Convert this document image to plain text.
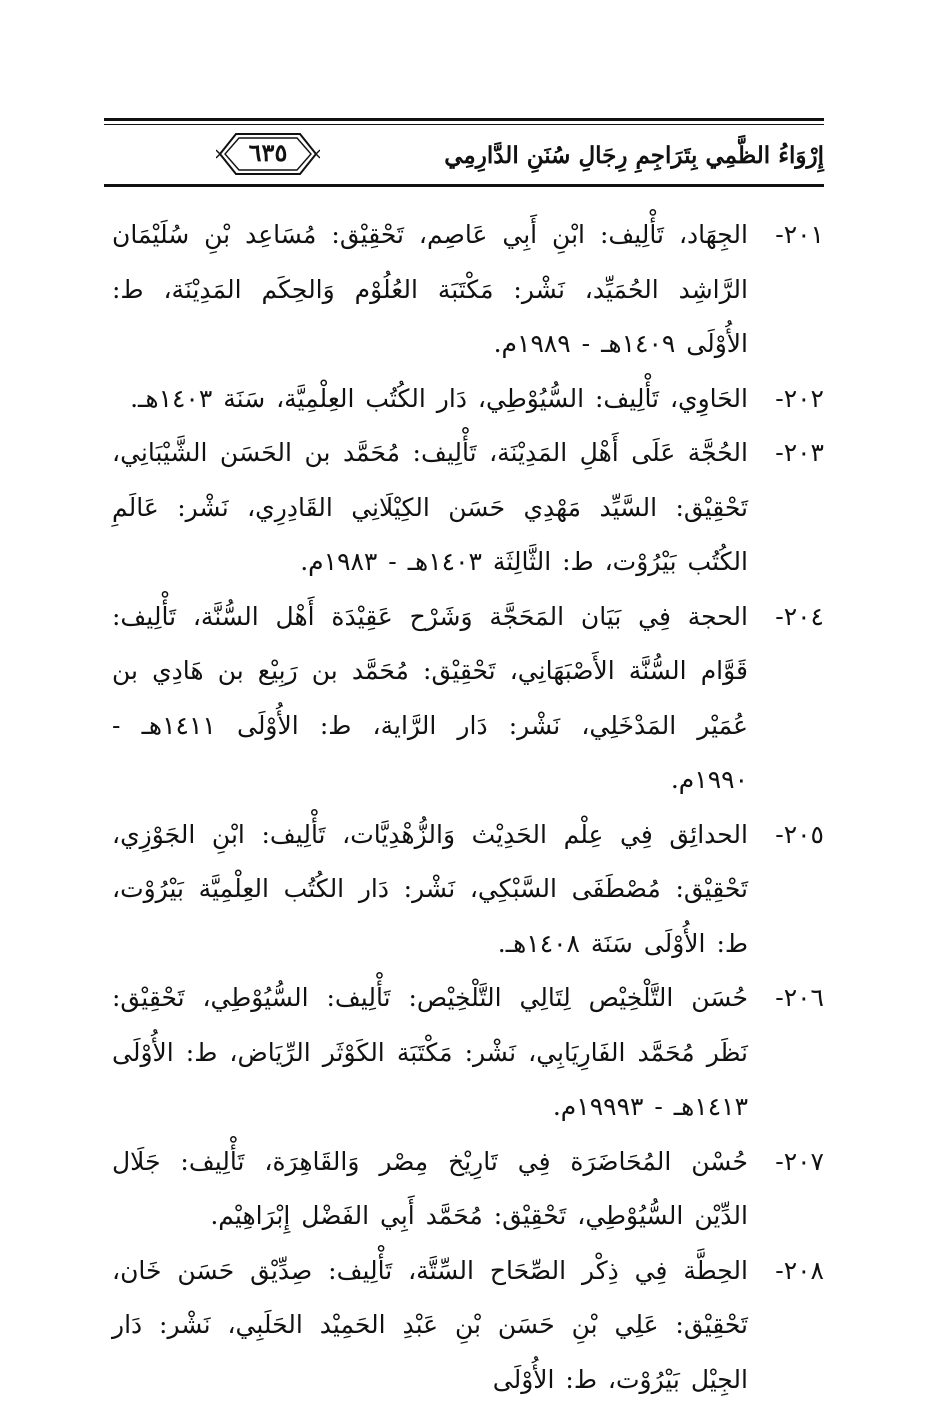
إِرْوَاءُ الظَّمِي بِتَرَاجِمِ رِجَالِ سُنَنِ الدَّارِمِي
٦٣٥
٢٠١-
الجِهَاد، تَأْلِيف: ابْنِ أَبِي عَاصِم، تَحْقِيْق: مُسَاعِد بْنِ سُلَيْمَان الرَّاشِد الحُمَيِّد، نَشْر: مَكْتَبَة العُلُوْم وَالحِكَم المَدِيْنَة، ط: الأُوْلَى ١٤٠٩هـ - ١٩٨٩م.
٢٠٢-
الحَاوِي، تَأْلِيف: السُّيُوْطِي، دَار الكُتُب العِلْمِيَّة، سَنَة ١٤٠٣هـ.
٢٠٣-
الحُجَّة عَلَى أَهْلِ المَدِيْنَة، تَأْلِيف: مُحَمَّد بن الحَسَن الشَّيْبَانِي، تَحْقِيْق: السَّيِّد مَهْدِي حَسَن الكِيْلَانِي القَادِرِي، نَشْر: عَالَمِ الكُتُب بَيْرُوْت، ط: الثَّالِثَة ١٤٠٣هـ - ١٩٨٣م.
٢٠٤-
الحجة فِي بَيَان المَحَجَّة وَشَرْح عَقِيْدَة أَهْل السُّنَّة، تَأْلِيف: قَوَّام السُّنَّة الأَصْبَهَانِي، تَحْقِيْق: مُحَمَّد بن رَبِيْع بن هَادِي بن عُمَيْر المَدْخَلِي، نَشْر: دَار الرَّاية، ط: الأُوْلَى ١٤١١هـ - ١٩٩٠م.
٢٠٥-
الحدائِق فِي عِلْم الحَدِيْث وَالزُّهْدِيَّات، تَأْلِيف: ابْنِ الجَوْزِي، تَحْقِيْق: مُصْطَفَى السَّبْكِي، نَشْر: دَار الكُتُب العِلْمِيَّة بَيْرُوْت، ط: الأُوْلَى سَنَة ١٤٠٨هـ.
٢٠٦-
حُسَن التَّلْخِيْص لِتَالِي التَّلْخِيْص: تَأْلِيف: السُّيُوْطِي، تَحْقِيْق: نَظَر مُحَمَّد الفَارِيَابِي، نَشْر: مَكْتَبَة الكَوْثَر الرِّيَاض، ط: الأُوْلَى ١٤١٣هـ - ١٩٩٩٣م.
٢٠٧-
حُسْن المُحَاضَرَة فِي تَارِيْخ مِصْر وَالقَاهِرَة، تَأْلِيف: جَلَال الدِّيْن السُّيُوْطِي، تَحْقِيْق: مُحَمَّد أَبِي الفَضْل إِبْرَاهِيْم.
٢٠٨-
الحِطَّة فِي ذِكْر الصِّحَاح السِّتَّة، تَأْلِيف: صِدِّيْق حَسَن خَان، تَحْقِيْق: عَلِي بْنِ حَسَن بْنِ عَبْدِ الحَمِيْد الحَلَبِي، نَشْر: دَار الجِيْل بَيْرُوْت، ط: الأُوْلَى
